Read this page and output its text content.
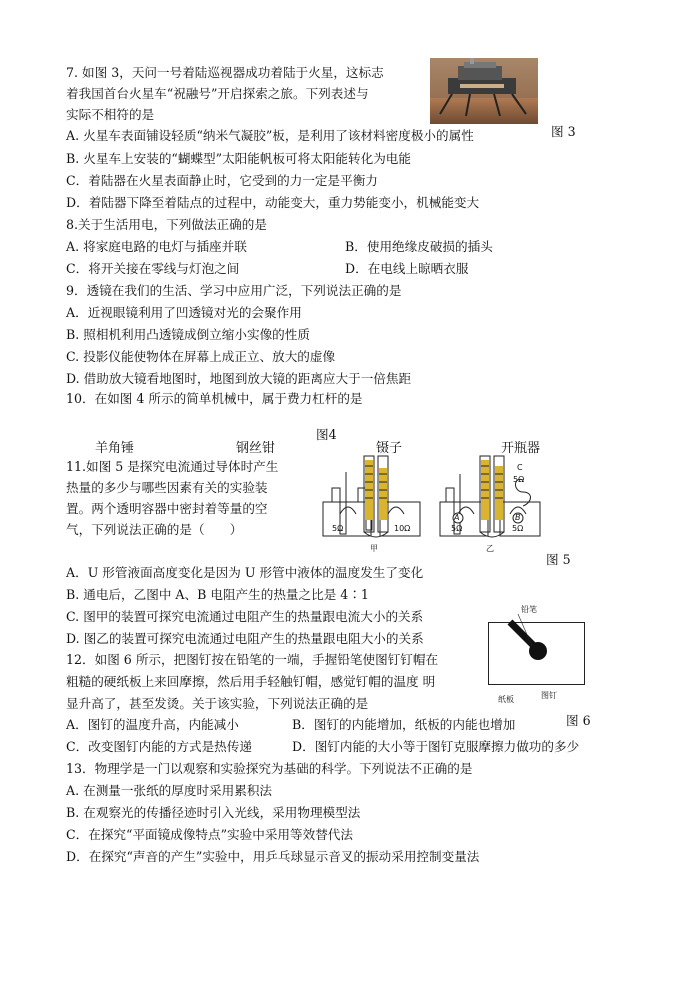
7. 如图 3，天问一号着陆巡视器成功着陆于火星，这标志
着我国首台火星车“祝融号”开启探索之旅。下列表述与
实际不相符的是
图 3
A. 火星车表面铺设轻质“纳米气凝胶”板，是利用了该材料密度极小的属性
B. 火星车上安装的“蝴蝶型”太阳能帆板可将太阳能转化为电能
C．着陆器在火星表面静止时，它受到的力一定是平衡力
D．着陆器下降至着陆点的过程中，动能变大，重力势能变小，机械能变大
8.关于生活用电，下列做法正确的是
A. 将家庭电路的电灯与插座并联	B．使用绝缘皮破损的插头
C．将开关接在零线与灯泡之间	D．在电线上晾晒衣服
9．透镜在我们的生活、学习中应用广泛，下列说法正确的是
A．近视眼镜利用了凹透镜对光的会聚作用
B. 照相机利用凸透镜成倒立缩小实像的性质
C. 投影仪能使物体在屏幕上成正立、放大的虚像
D. 借助放大镜看地图时，地图到放大镜的距离应大于一倍焦距
10．在如图 4 所示的简单机械中，属于费力杠杆的是
图4
羊角锤	钢丝钳	镊子	开瓶器
11.如图 5 是探究电流通过导体时产生
热量的多少与哪些因素有关的实验装
置。两个透明容器中密封着等量的空
气，下列说法正确的是（　　）	5Ω	10Ω	5Ω	5Ω
5Ω
A	B
C
甲	乙
图 5
A．U 形管液面高度变化是因为 U 形管中液体的温度发生了变化
B. 通电后，乙图中 A、B 电阻产生的热量之比是 4∶1
C. 图甲的装置可探究电流通过电阻产生的热量跟电流大小的关系
D. 图乙的装置可探究电流通过电阻产生的热量跟电阻大小的关系
铅笔
纸板	图钉
图 6
12．如图 6 所示，把图钉按在铅笔的一端，手握铅笔使图钉钉帽在
粗糙的硬纸板上来回摩擦，然后用手轻触钉帽，感觉钉帽的温度 明
显升高了，甚至发烫。关于该实验，下列说法正确的是
A．图钉的温度升高，内能减小	B．图钉的内能增加，纸板的内能也增加
C．改变图钉内能的方式是热传递	D．图钉内能的大小等于图钉克服摩擦力做功的多少
13．物理学是一门以观察和实验探究为基础的科学。下列说法不正确的是
A. 在测量一张纸的厚度时采用累积法
B. 在观察光的传播径迹时引入光线，采用物理模型法
C．在探究“平面镜成像特点”实验中采用等效替代法
D．在探究“声音的产生”实验中，用乒乓球显示音叉的振动采用控制变量法
